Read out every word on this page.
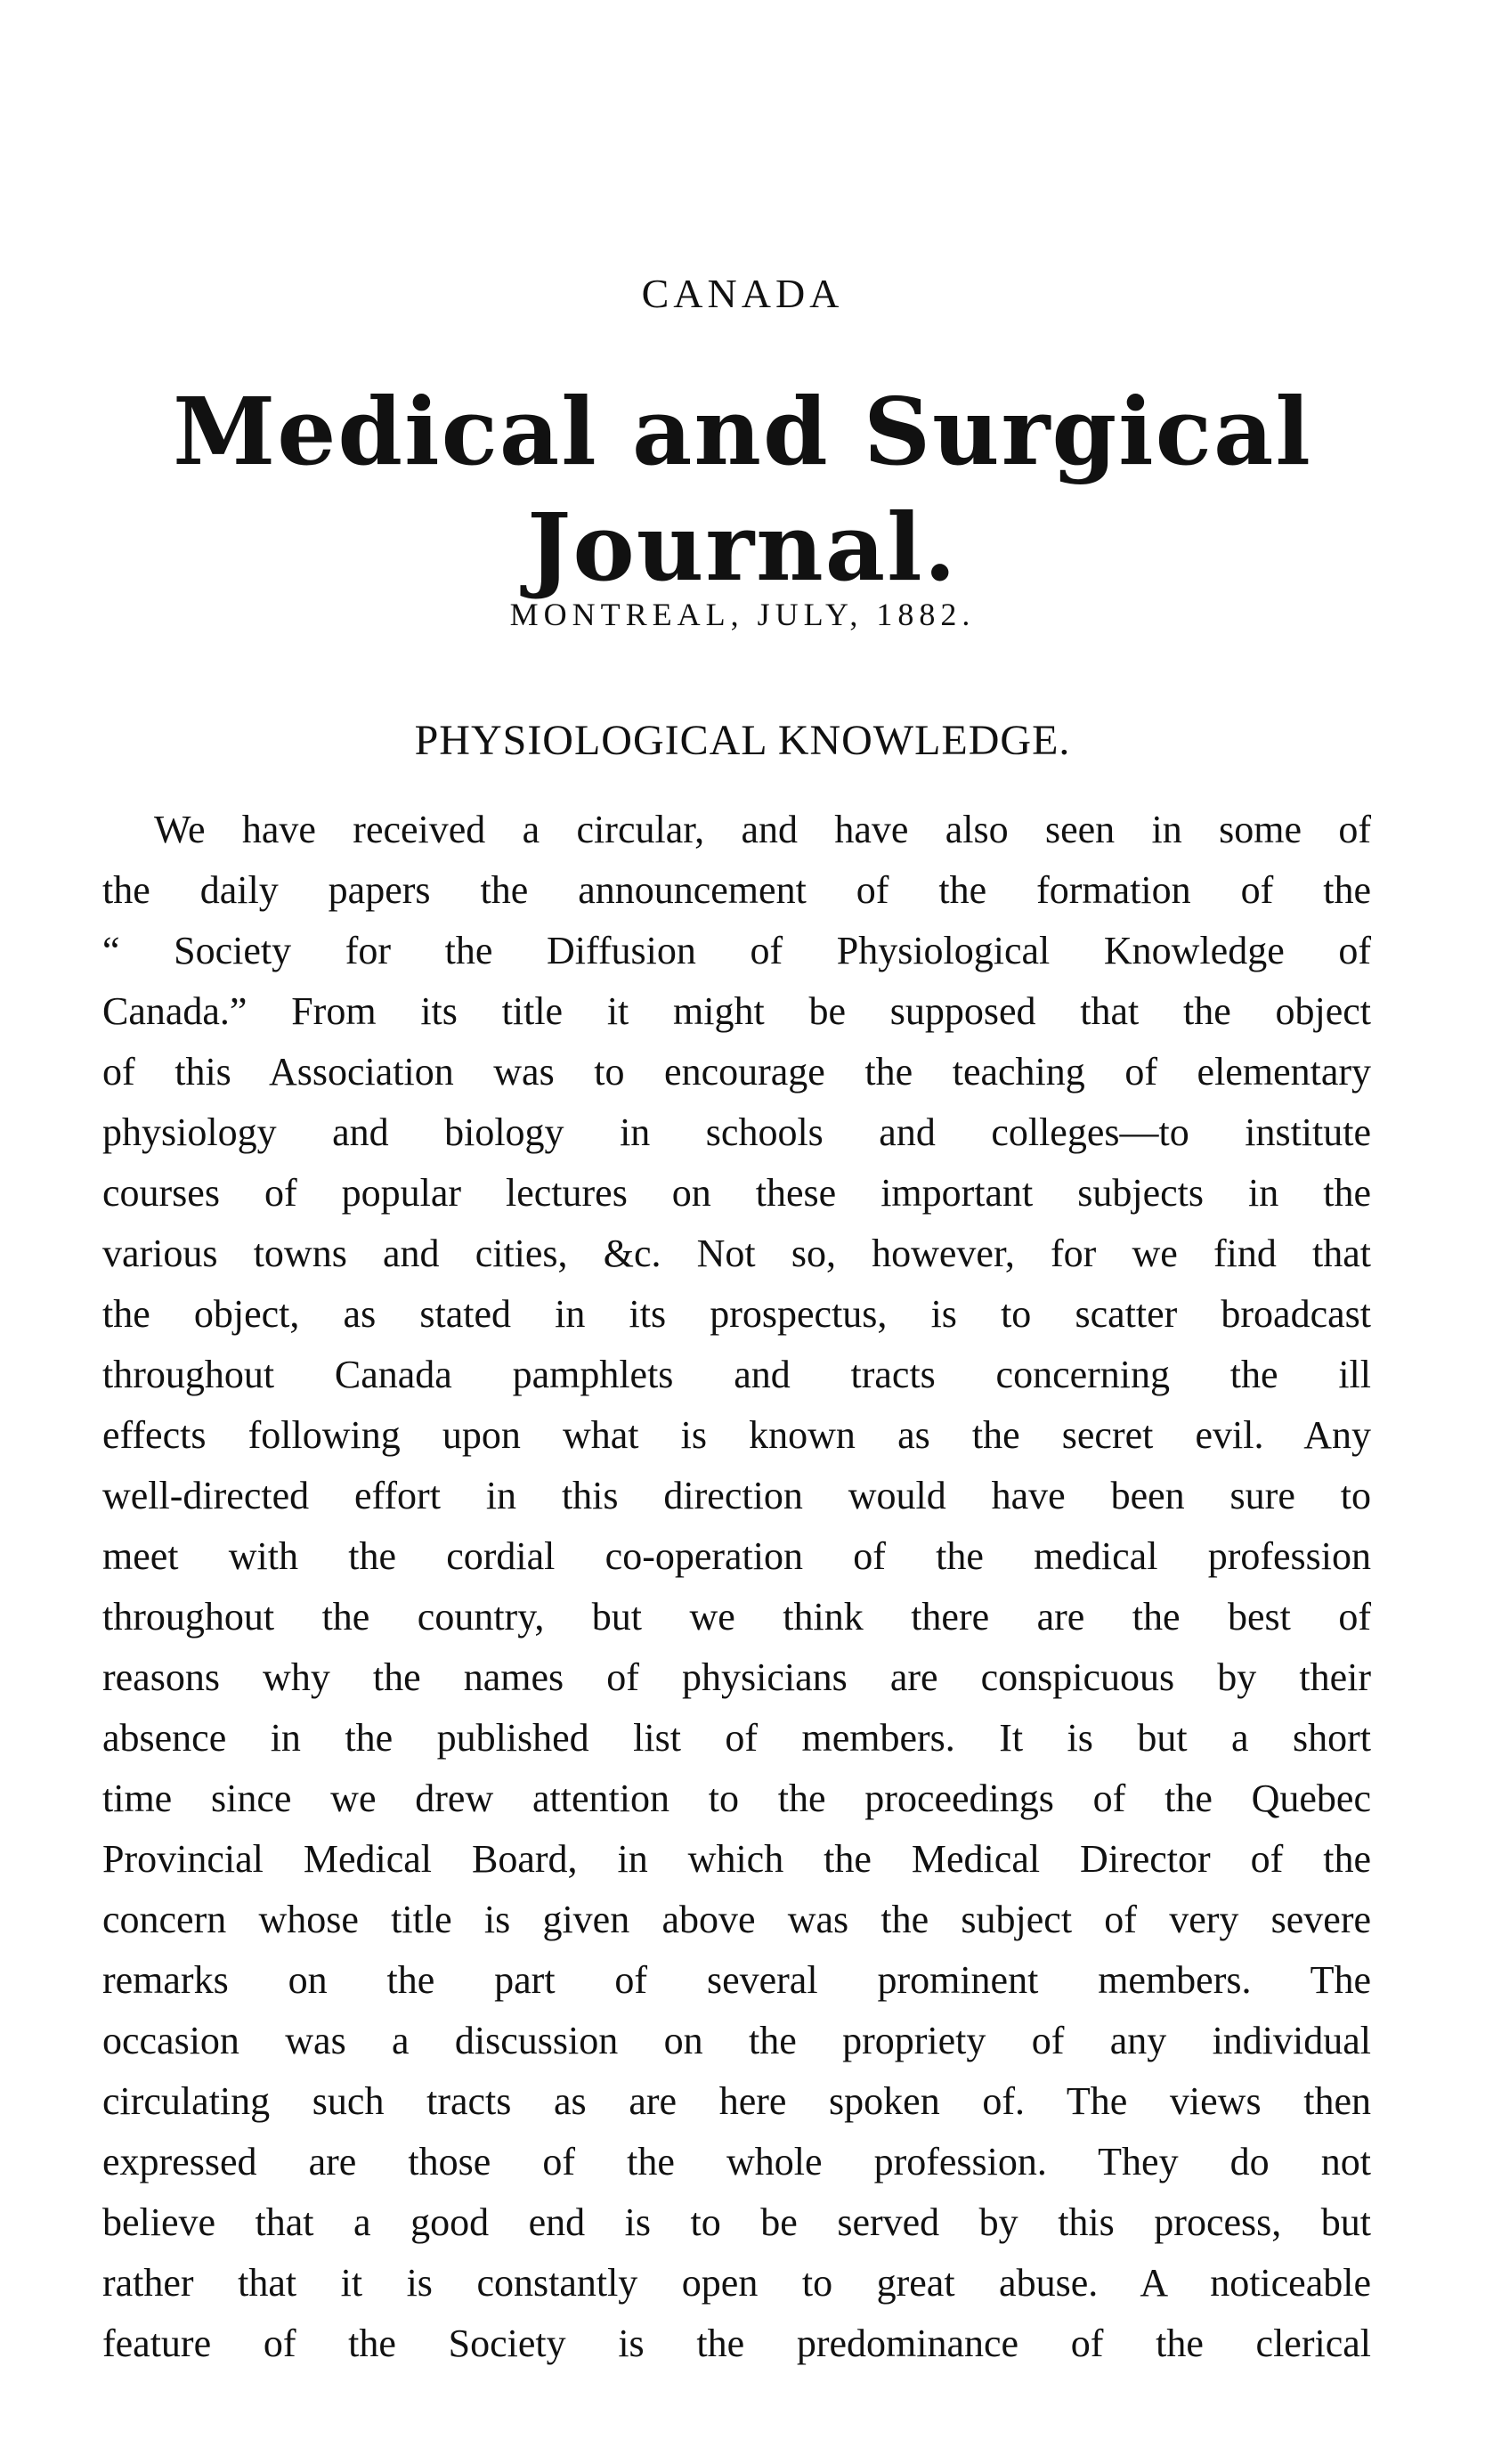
CANADA
Medical and Surgical Journal.
MONTREAL, JULY, 1882.
PHYSIOLOGICAL KNOWLEDGE.
We have received a circular, and have also seen in some of
the daily papers the announcement of the formation of the
“ Society for the Diffusion of Physiological Knowledge of
Canada.” From its title it might be supposed that the object
of this Association was to encourage the teaching of elementary
physiology and biology in schools and colleges—to institute
courses of popular lectures on these important subjects in the
various towns and cities, &c. Not so, however, for we find that
the object, as stated in its prospectus, is to scatter broadcast
throughout Canada pamphlets and tracts concerning the ill
effects following upon what is known as the secret evil. Any
well-directed effort in this direction would have been sure to
meet with the cordial co-operation of the medical profession
throughout the country, but we think there are the best of
reasons why the names of physicians are conspicuous by their
absence in the published list of members. It is but a short
time since we drew attention to the proceedings of the Quebec
Provincial Medical Board, in which the Medical Director of the
concern whose title is given above was the subject of very severe
remarks on the part of several prominent members. The
occasion was a discussion on the propriety of any individual
circulating such tracts as are here spoken of. The views then
expressed are those of the whole profession. They do not
believe that a good end is to be served by this process, but
rather that it is constantly open to great abuse. A noticeable
feature of the Society is the predominance of the clerical
